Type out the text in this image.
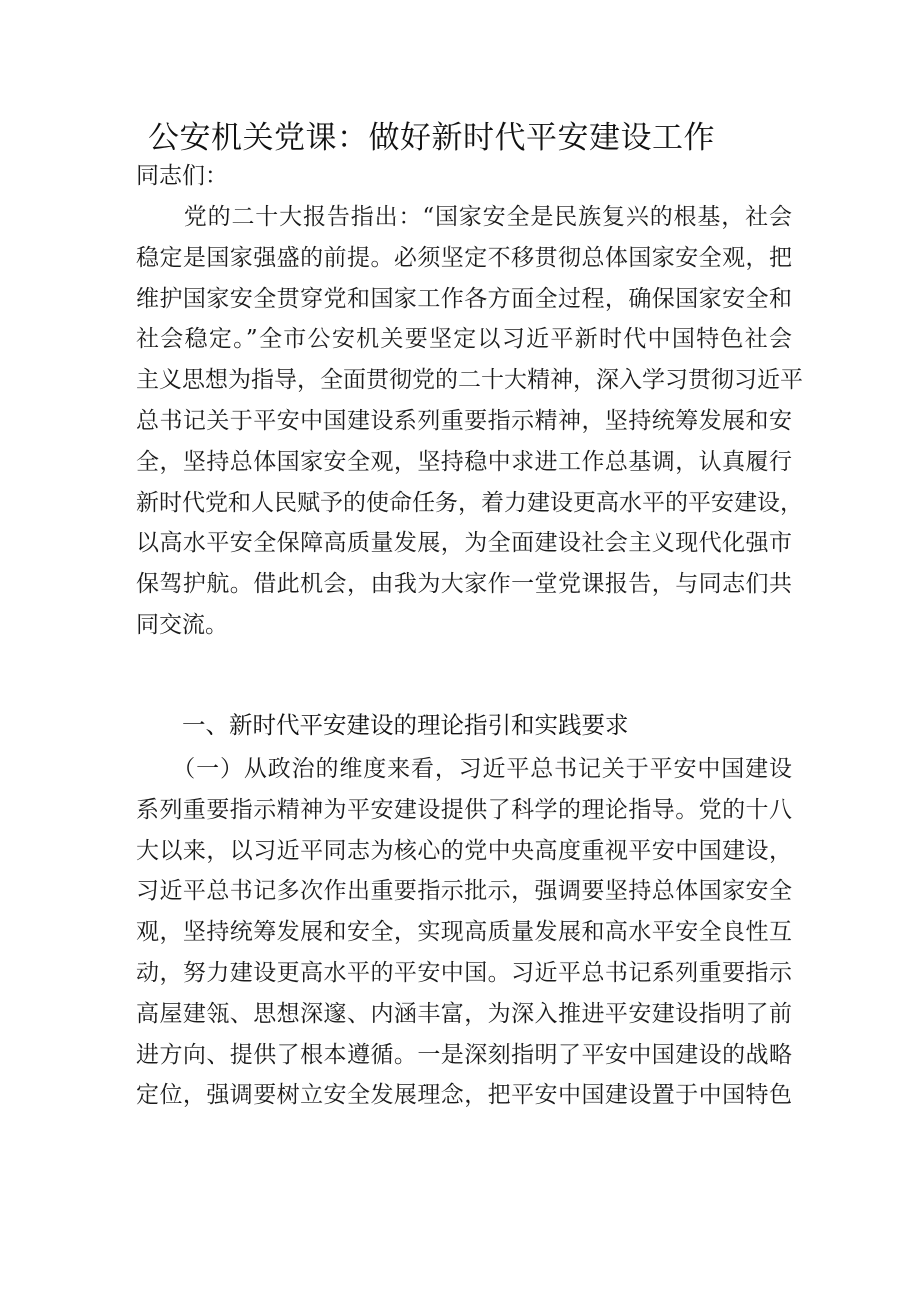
公安机关党课：做好新时代平安建设工作
同志们：
　　党的二十大报告指出：“国家安全是民族复兴的根基，社会
稳定是国家强盛的前提。必须坚定不移贯彻总体国家安全观，把
维护国家安全贯穿党和国家工作各方面全过程，确保国家安全和
社会稳定。”全市公安机关要坚定以习近平新时代中国特色社会
主义思想为指导，全面贯彻党的二十大精神，深入学习贯彻习近平
总书记关于平安中国建设系列重要指示精神，坚持统筹发展和安
全，坚持总体国家安全观，坚持稳中求进工作总基调，认真履行
新时代党和人民赋予的使命任务，着力建设更高水平的平安建设，
以高水平安全保障高质量发展，为全面建设社会主义现代化强市
保驾护航。借此机会，由我为大家作一堂党课报告，与同志们共
同交流。
一、新时代平安建设的理论指引和实践要求
　　（一）从政治的维度来看，习近平总书记关于平安中国建设
系列重要指示精神为平安建设提供了科学的理论指导。党的十八
大以来，以习近平同志为核心的党中央高度重视平安中国建设，
习近平总书记多次作出重要指示批示，强调要坚持总体国家安全
观，坚持统筹发展和安全，实现高质量发展和高水平安全良性互
动，努力建设更高水平的平安中国。习近平总书记系列重要指示
高屋建瓴、思想深邃、内涵丰富，为深入推进平安建设指明了前
进方向、提供了根本遵循。一是深刻指明了平安中国建设的战略
定位，强调要树立安全发展理念，把平安中国建设置于中国特色
